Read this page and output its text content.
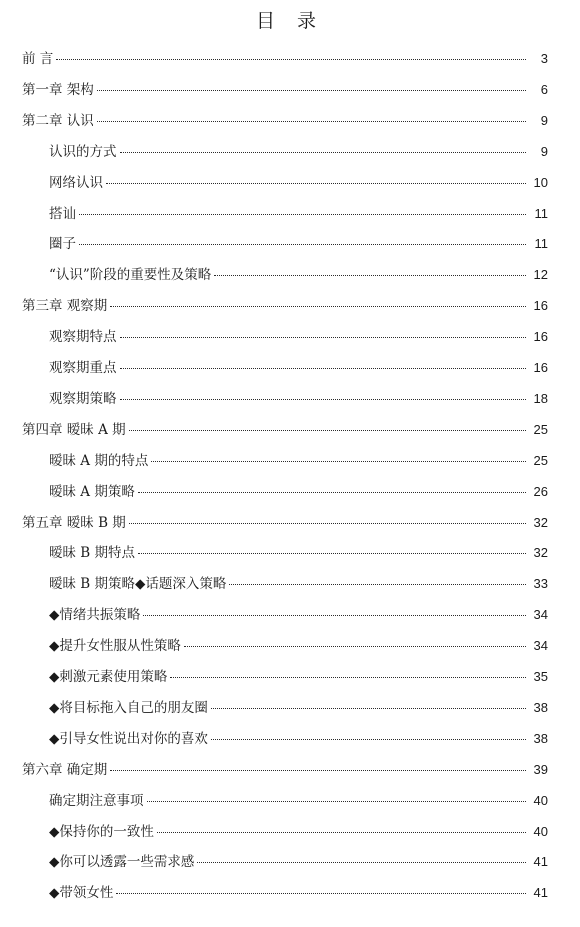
目 录
前 言	3
第一章 架构	6
第二章 认识	9
认识的方式	9
网络认识	10
搭讪	11
圈子	11
“认识”阶段的重要性及策略	12
第三章 观察期	16
观察期特点	16
观察期重点	16
观察期策略	18
第四章 暧昧 A 期	25
暧昧 A 期的特点	25
暧昧 A 期策略	26
第五章 暧昧 B 期	32
暧昧 B 期特点	32
暧昧 B 期策略◆话题深入策略	33
◆情绪共振策略	34
◆提升女性服从性策略	34
◆刺激元素使用策略	35
◆将目标拖入自己的朋友圈	38
◆引导女性说出对你的喜欢	38
第六章 确定期	39
确定期注意事项	40
◆保持你的一致性	40
◆你可以透露一些需求感	41
◆带领女性	41
